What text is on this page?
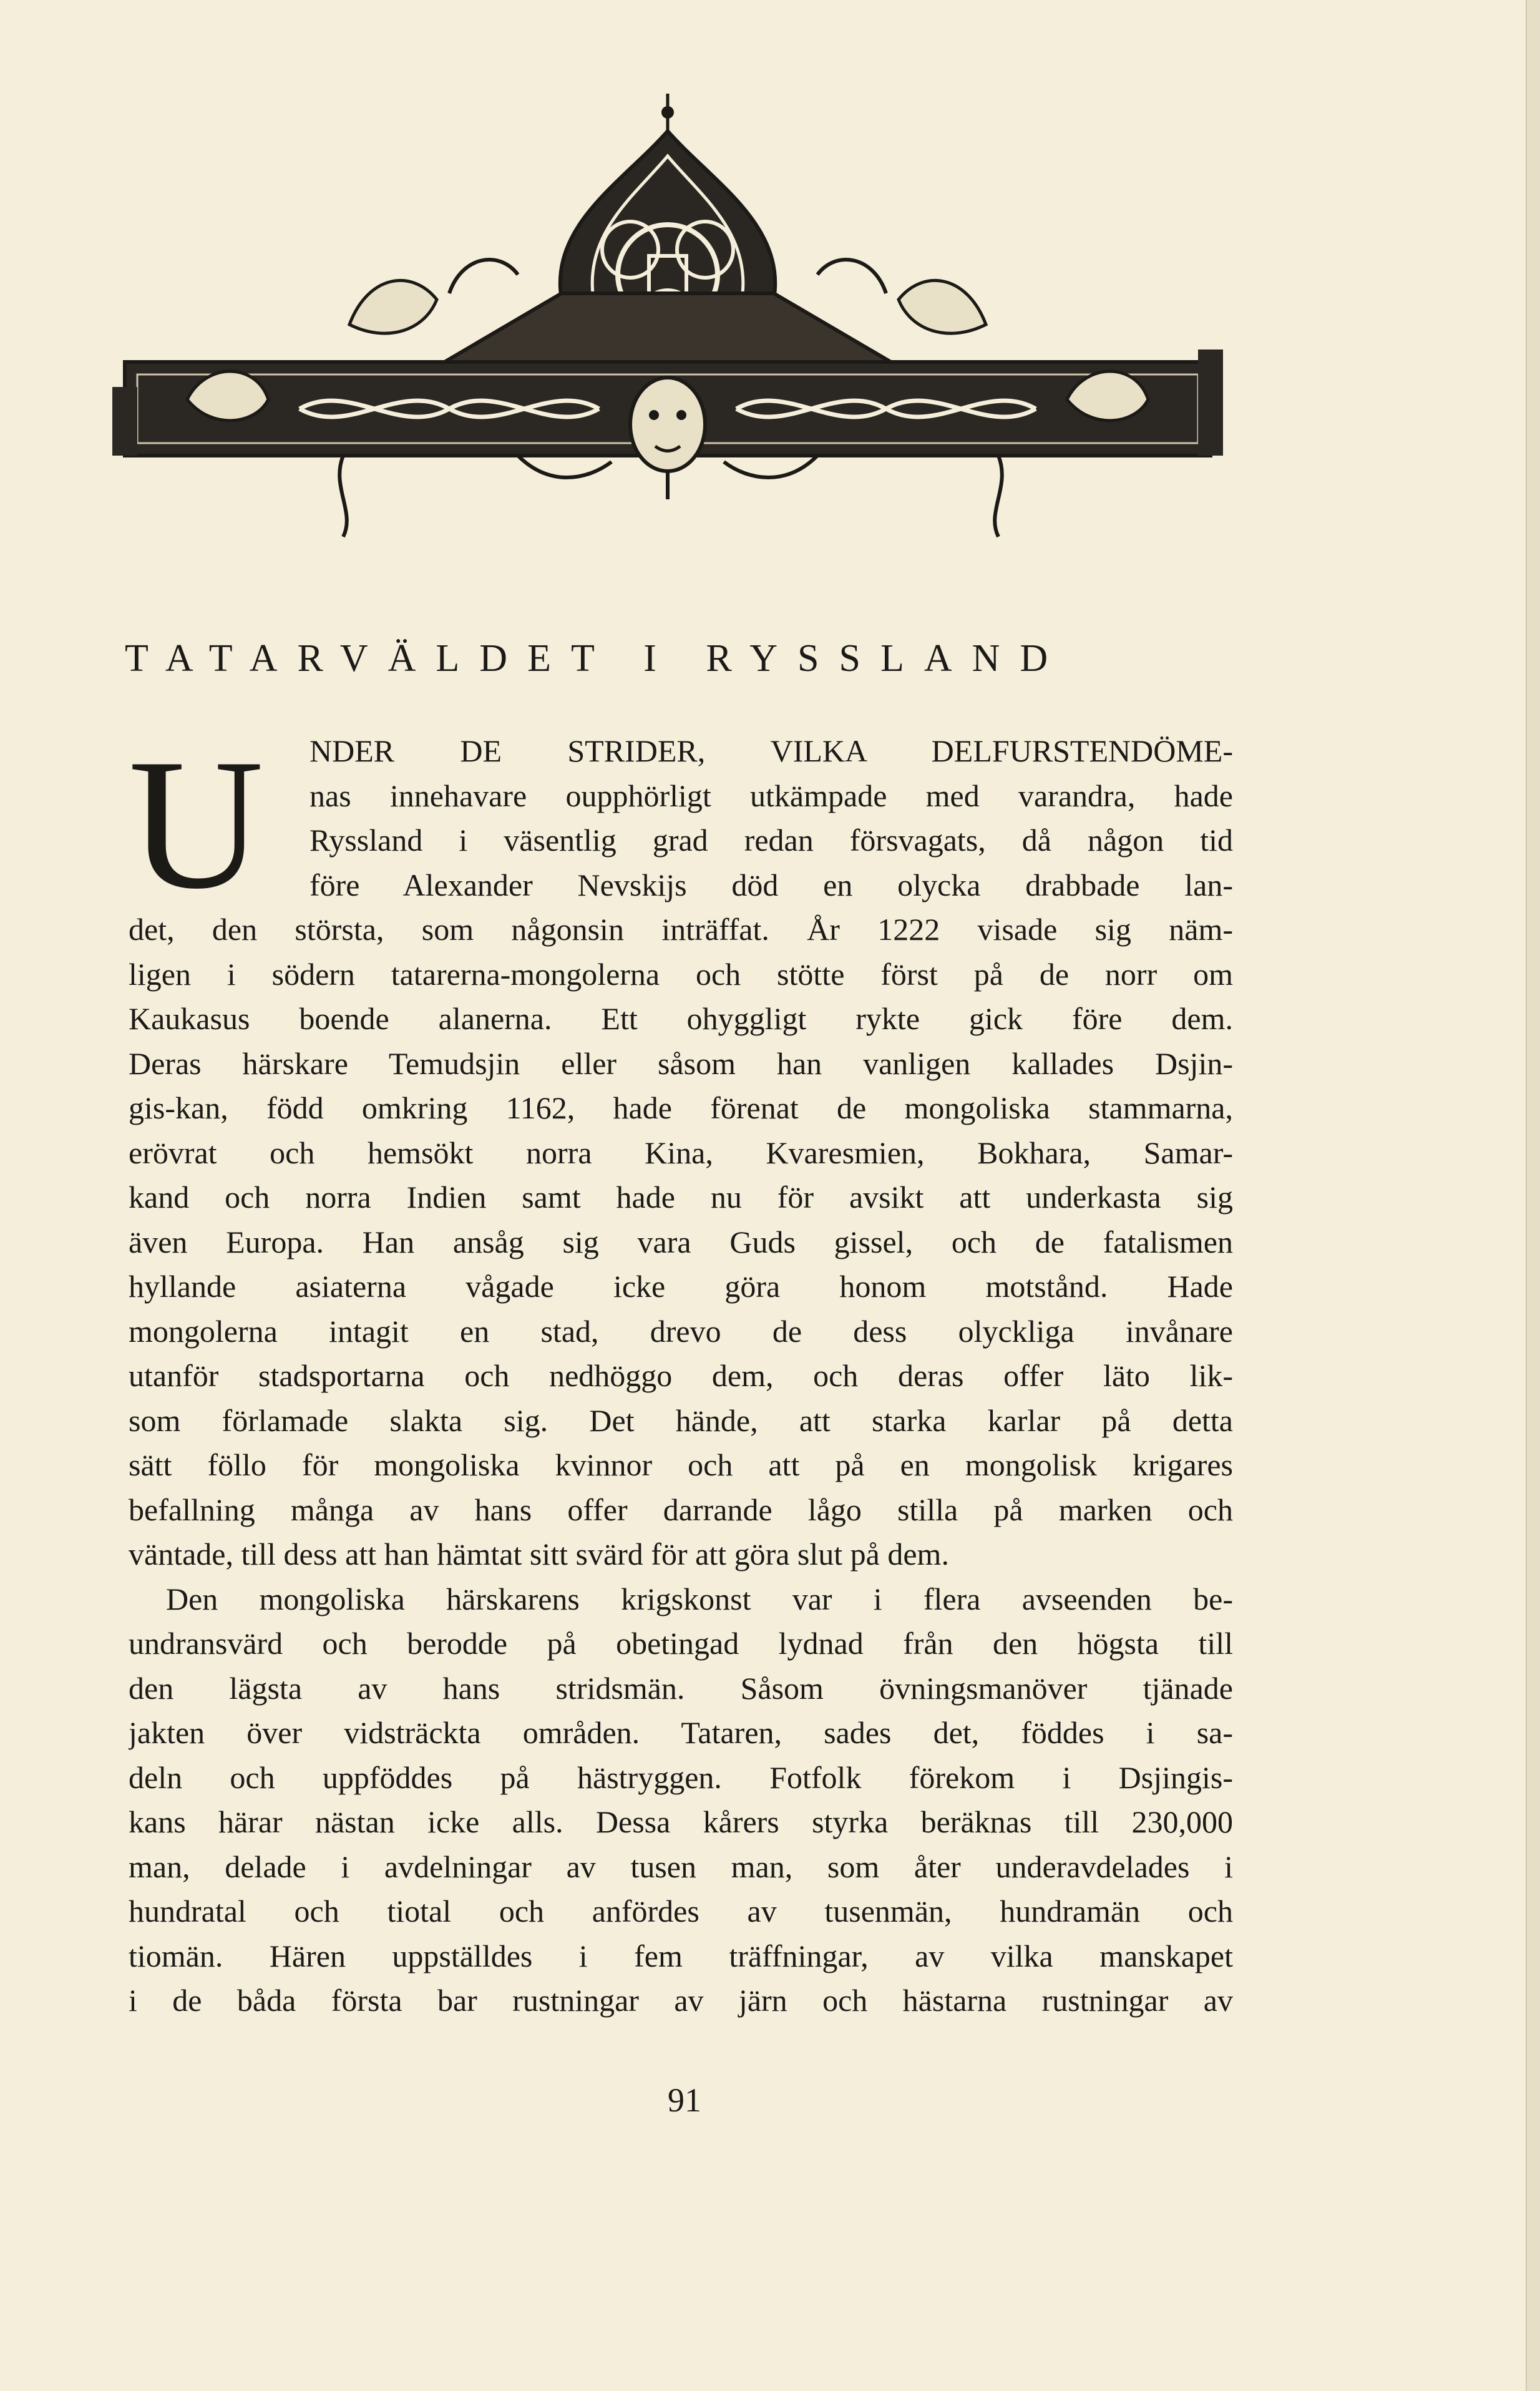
TATARVÄLDET I RYSSLAND
U	NDER DE STRIDER, VILKA DELFURSTENDÖME-
nas innehavare oupphörligt utkämpade med varandra, hade
Ryssland i väsentlig grad redan försvagats, då någon tid
före Alexander Nevskijs död en olycka drabbade lan-
det, den största, som någonsin inträffat. År 1222 visade sig näm-
ligen i södern tatarerna-mongolerna och stötte först på de norr om
Kaukasus boende alanerna. Ett ohyggligt rykte gick före dem.
Deras härskare Temudsjin eller såsom han vanligen kallades Dsjin-
gis-kan, född omkring 1162, hade förenat de mongoliska stammarna,
erövrat och hemsökt norra Kina, Kvaresmien, Bokhara, Samar-
kand och norra Indien samt hade nu för avsikt att underkasta sig
även Europa. Han ansåg sig vara Guds gissel, och de fatalismen
hyllande asiaterna vågade icke göra honom motstånd. Hade
mongolerna intagit en stad, drevo de dess olyckliga invånare
utanför stadsportarna och nedhöggo dem, och deras offer läto lik-
som förlamade slakta sig. Det hände, att starka karlar på detta
sätt föllo för mongoliska kvinnor och att på en mongolisk krigares
befallning många av hans offer darrande lågo stilla på marken och
väntade, till dess att han hämtat sitt svärd för att göra slut på dem.
Den mongoliska härskarens krigskonst var i flera avseenden be-
undransvärd och berodde på obetingad lydnad från den högsta till
den lägsta av hans stridsmän. Såsom övningsmanöver tjänade
jakten över vidsträckta områden. Tataren, sades det, föddes i sa-
deln och uppföddes på hästryggen. Fotfolk förekom i Dsjingis-
kans härar nästan icke alls. Dessa kårers styrka beräknas till 230,000
man, delade i avdelningar av tusen man, som åter underavdelades i
hundratal och tiotal och anfördes av tusenmän, hundramän och
tiomän. Hären uppställdes i fem träffningar, av vilka manskapet
i de båda första bar rustningar av järn och hästarna rustningar av
91
